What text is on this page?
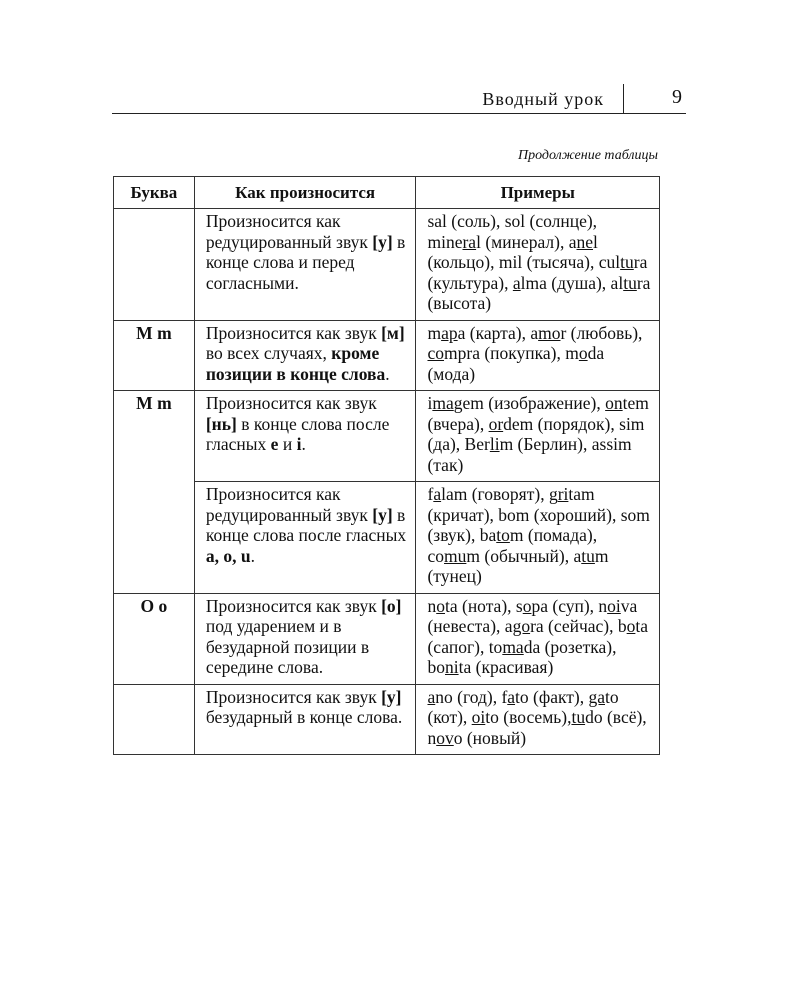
Вводный урок	9
Продолжение таблицы
Буква	Как произносится	Примеры
	Произносится как редуцированный звук [у] в конце слова и перед согласными.	sal (соль), sol (солнце), mineral (минерал), anel (кольцо), mil (тысяча), cultura (культура), alma (душа), altura (высота)
M m	Произносится как звук [м] во всех случаях, кроме позиции в конце слова.	mapa (карта), amor (любовь), compra (покупка), moda (мода)
M m	Произносится как звук [нь] в конце слова после гласных e и i.	imagem (изображение), ontem (вчера), ordem (порядок), sim (да), Berlim (Берлин), assim (так)
	Произносится как редуцированный звук [у] в конце слова после гласных a, o, u.	falam (говорят), gritam (кричат), bom (хороший), som (звук), batom (помада), comum (обычный), atum (тунец)
O o	Произносится как звук [о] под ударением и в безударной позиции в середине слова.	nota (нота), sopa (суп), noiva (невеста), agora (сейчас), bota (сапог), tomada (розетка), bonita (красивая)
	Произносится как звук [у] безударный в конце слова.	ano (год), fato (факт), gato (кот), oito (восемь),tudo (всё), novo (новый)
